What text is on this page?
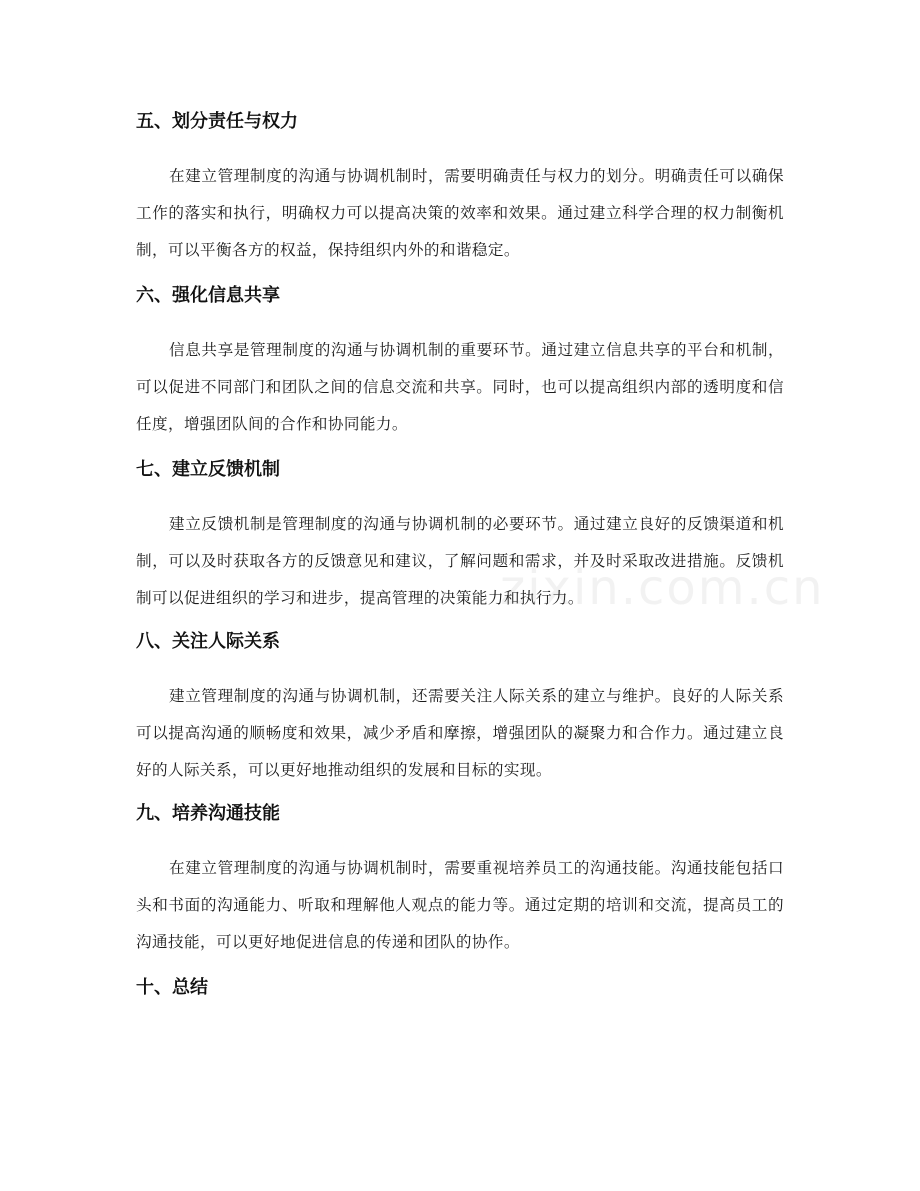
五、划分责任与权力
在建立管理制度的沟通与协调机制时，需要明确责任与权力的划分。明确责任可以确保工作的落实和执行，明确权力可以提高决策的效率和效果。通过建立科学合理的权力制衡机制，可以平衡各方的权益，保持组织内外的和谐稳定。
六、强化信息共享
信息共享是管理制度的沟通与协调机制的重要环节。通过建立信息共享的平台和机制，可以促进不同部门和团队之间的信息交流和共享。同时，也可以提高组织内部的透明度和信任度，增强团队间的合作和协同能力。
七、建立反馈机制
建立反馈机制是管理制度的沟通与协调机制的必要环节。通过建立良好的反馈渠道和机制，可以及时获取各方的反馈意见和建议，了解问题和需求，并及时采取改进措施。反馈机制可以促进组织的学习和进步，提高管理的决策能力和执行力。
八、关注人际关系
建立管理制度的沟通与协调机制，还需要关注人际关系的建立与维护。良好的人际关系可以提高沟通的顺畅度和效果，减少矛盾和摩擦，增强团队的凝聚力和合作力。通过建立良好的人际关系，可以更好地推动组织的发展和目标的实现。
九、培养沟通技能
在建立管理制度的沟通与协调机制时，需要重视培养员工的沟通技能。沟通技能包括口头和书面的沟通能力、听取和理解他人观点的能力等。通过定期的培训和交流，提高员工的沟通技能，可以更好地促进信息的传递和团队的协作。
十、总结
zixin.com.cn
